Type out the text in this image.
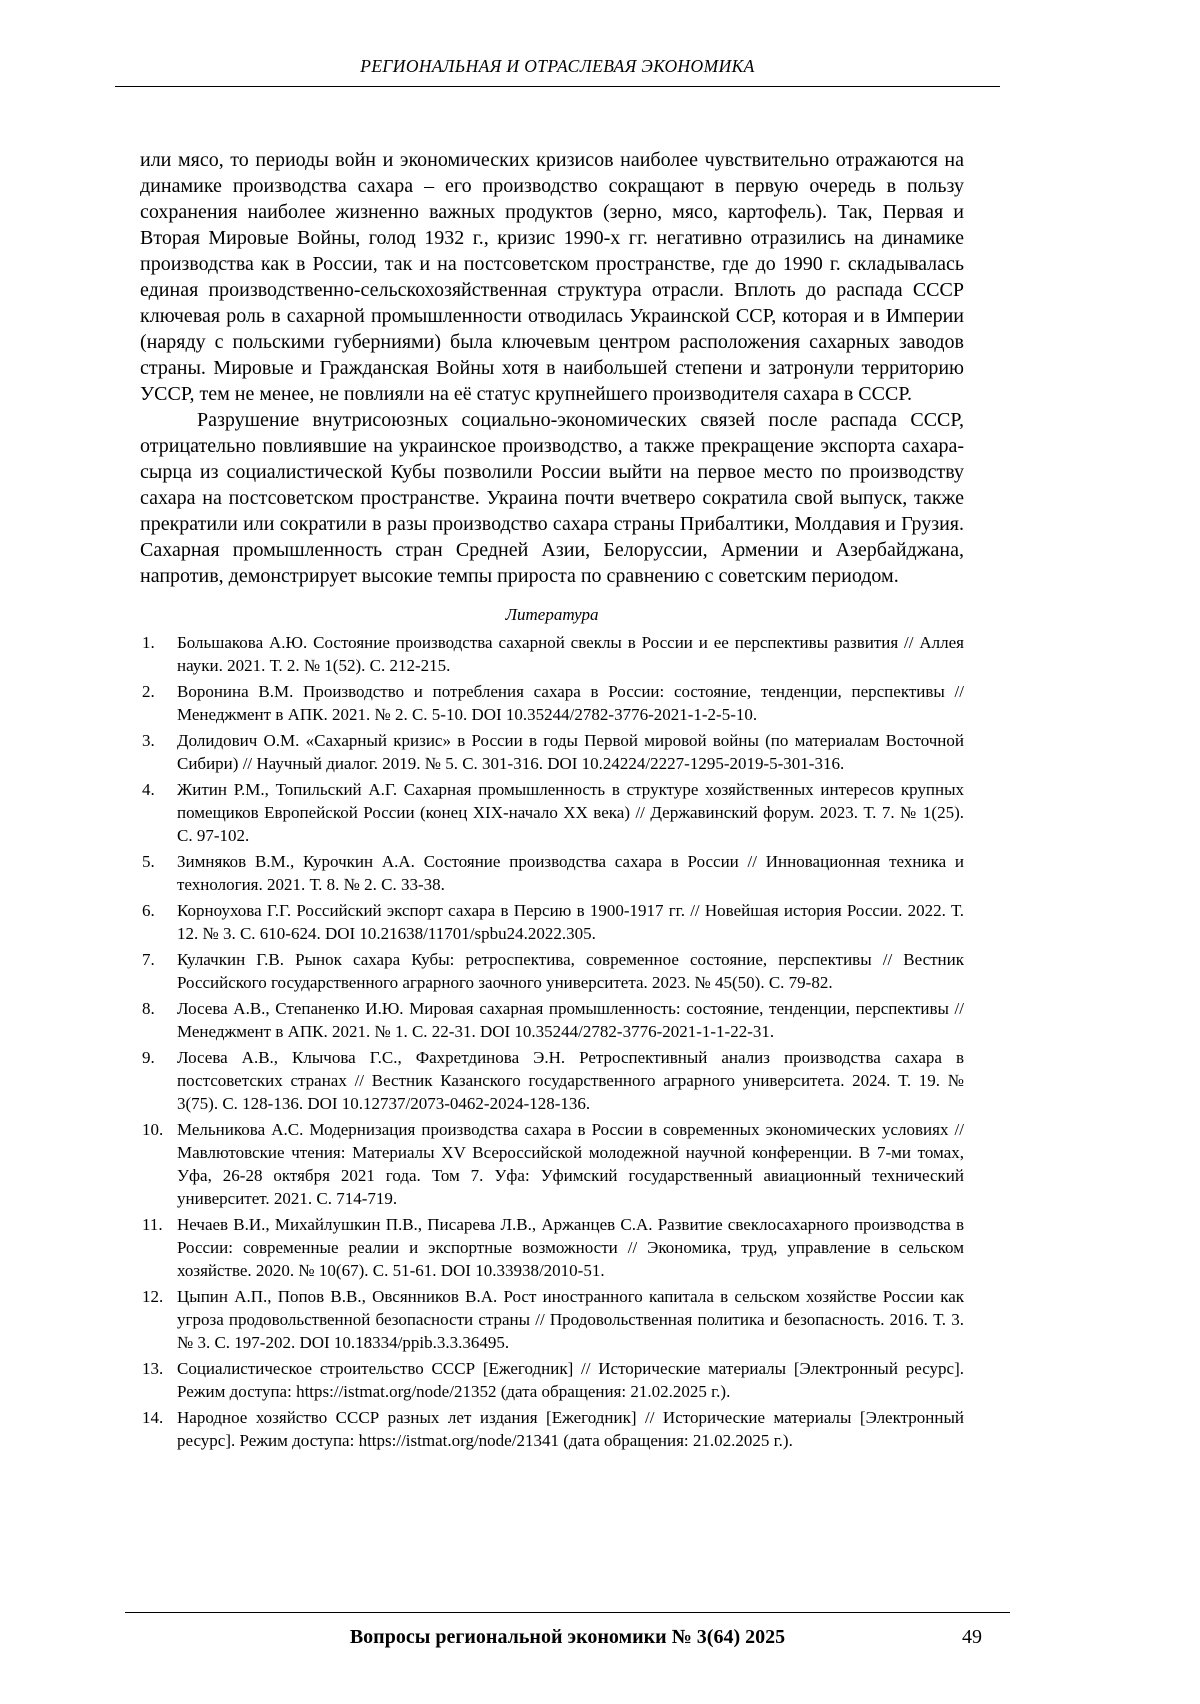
РЕГИОНАЛЬНАЯ И ОТРАСЛЕВАЯ ЭКОНОМИКА

или мясо, то периоды войн и экономических кризисов наиболее чувствительно отражаются на динамике производства сахара – его производство сокращают в первую очередь в пользу сохранения наиболее жизненно важных продуктов (зерно, мясо, картофель). Так, Первая и Вторая Мировые Войны, голод 1932 г., кризис 1990-х гг. негативно отразились на динамике производства как в России, так и на постсоветском пространстве, где до 1990 г. складывалась единая производственно-сельскохозяйственная структура отрасли. Вплоть до распада СССР ключевая роль в сахарной промышленности отводилась Украинской ССР, которая и в Империи (наряду с польскими губерниями) была ключевым центром расположения сахарных заводов страны. Мировые и Гражданская Войны хотя в наибольшей степени и затронули территорию УССР, тем не менее, не повлияли на её статус крупнейшего производителя сахара в СССР.

Разрушение внутрисоюзных социально-экономических связей после распада СССР, отрицательно повлиявшие на украинское производство, а также прекращение экспорта сахара-сырца из социалистической Кубы позволили России выйти на первое место по производству сахара на постсоветском пространстве. Украина почти вчетверо сократила свой выпуск, также прекратили или сократили в разы производство сахара страны Прибалтики, Молдавия и Грузия. Сахарная промышленность стран Средней Азии, Белоруссии, Армении и Азербайджана, напротив, демонстрирует высокие темпы прироста по сравнению с советским периодом.

Литература
1. Большакова А.Ю. Состояние производства сахарной свеклы в России и ее перспективы развития // Аллея науки. 2021. Т. 2. № 1(52). С. 212-215.
2. Воронина В.М. Производство и потребления сахара в России: состояние, тенденции, перспективы // Менеджмент в АПК. 2021. № 2. С. 5-10. DOI 10.35244/2782-3776-2021-1-2-5-10.
3. Долидович О.М. «Сахарный кризис» в России в годы Первой мировой войны (по материалам Восточной Сибири) // Научный диалог. 2019. № 5. С. 301-316. DOI 10.24224/2227-1295-2019-5-301-316.
4. Житин Р.М., Топильский А.Г. Сахарная промышленность в структуре хозяйственных интересов крупных помещиков Европейской России (конец XIX-начало XX века) // Державинский форум. 2023. Т. 7. № 1(25). С. 97-102.
5. Зимняков В.М., Курочкин А.А. Состояние производства сахара в России // Инновационная техника и технология. 2021. Т. 8. № 2. С. 33-38.
6. Корноухова Г.Г. Российский экспорт сахара в Персию в 1900-1917 гг. // Новейшая история России. 2022. Т. 12. № 3. С. 610-624. DOI 10.21638/11701/spbu24.2022.305.
7. Кулачкин Г.В. Рынок сахара Кубы: ретроспектива, современное состояние, перспективы // Вестник Российского государственного аграрного заочного университета. 2023. № 45(50). С. 79-82.
8. Лосева А.В., Степаненко И.Ю. Мировая сахарная промышленность: состояние, тенденции, перспективы // Менеджмент в АПК. 2021. № 1. С. 22-31. DOI 10.35244/2782-3776-2021-1-1-22-31.
9. Лосева А.В., Клычова Г.С., Фахретдинова Э.Н. Ретроспективный анализ производства сахара в постсоветских странах // Вестник Казанского государственного аграрного университета. 2024. Т. 19. № 3(75). С. 128-136. DOI 10.12737/2073-0462-2024-128-136.
10. Мельникова А.С. Модернизация производства сахара в России в современных экономических условиях // Мавлютовские чтения: Материалы XV Всероссийской молодежной научной конференции. В 7-ми томах, Уфа, 26-28 октября 2021 года. Том 7. Уфа: Уфимский государственный авиационный технический университет. 2021. С. 714-719.
11. Нечаев В.И., Михайлушкин П.В., Писарева Л.В., Аржанцев С.А. Развитие свеклосахарного производства в России: современные реалии и экспортные возможности // Экономика, труд, управление в сельском хозяйстве. 2020. № 10(67). С. 51-61. DOI 10.33938/2010-51.
12. Цыпин А.П., Попов В.В., Овсянников В.А. Рост иностранного капитала в сельском хозяйстве России как угроза продовольственной безопасности страны // Продовольственная политика и безопасность. 2016. Т. 3. № 3. С. 197-202. DOI 10.18334/ppib.3.3.36495.
13. Социалистическое строительство СССР [Ежегодник] // Исторические материалы [Электронный ресурс]. Режим доступа: https://istmat.org/node/21352 (дата обращения: 21.02.2025 г.).
14. Народное хозяйство СССР разных лет издания [Ежегодник] // Исторические материалы [Электронный ресурс]. Режим доступа: https://istmat.org/node/21341 (дата обращения: 21.02.2025 г.).
Вопросы региональной экономики № 3(64) 2025	49
